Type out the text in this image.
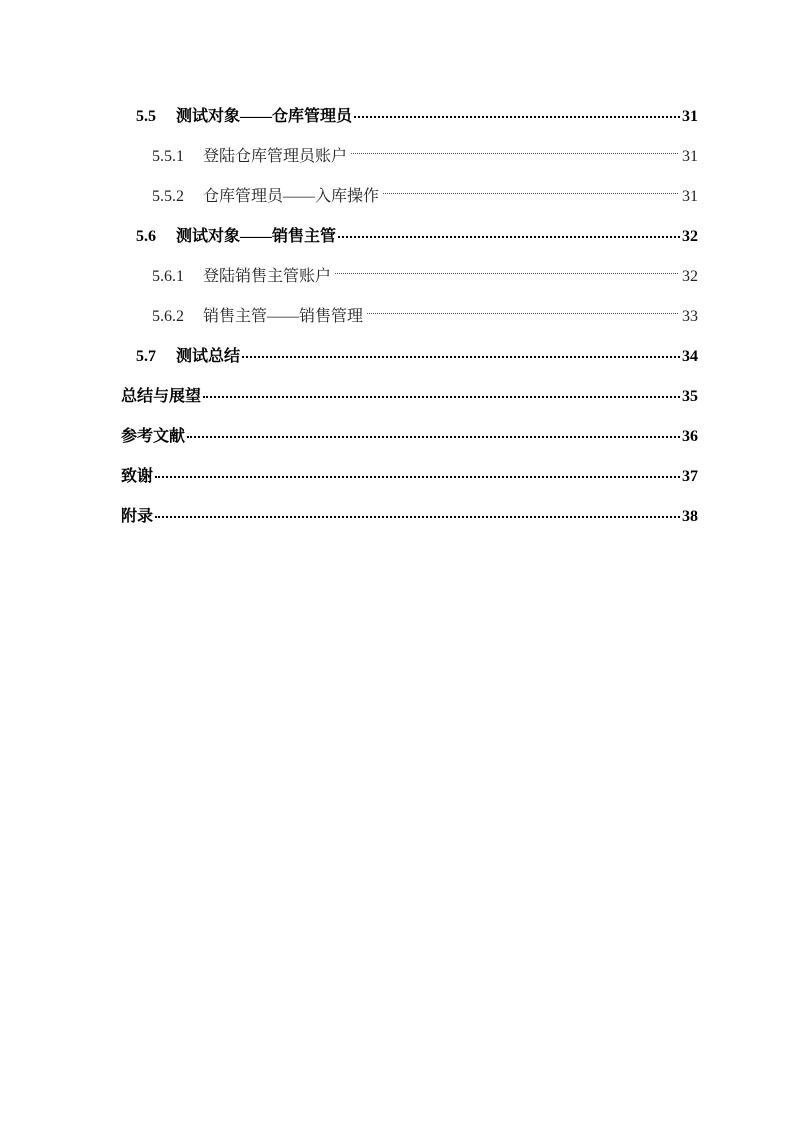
5.5	测试对象——仓库管理员	31
5.5.1	登陆仓库管理员账户	31
5.5.2	仓库管理员——入库操作	31
5.6	测试对象——销售主管	32
5.6.1	登陆销售主管账户	32
5.6.2	销售主管——销售管理	33
5.7	测试总结	34
总结与展望	35
参考文献	36
致谢	37
附录	38
